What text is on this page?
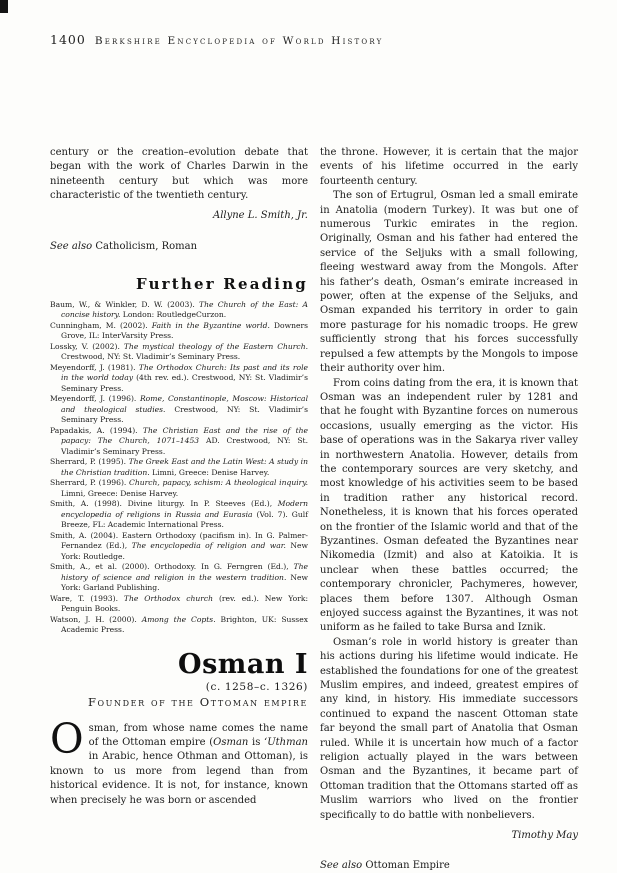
1400 Berkshire Encyclopedia of World History

century or the creation–evolution debate that began with the work of Charles Darwin in the nineteenth century but which was more characteristic of the twentieth century.

Allyne L. Smith, Jr.

See also Catholicism, Roman

Further Reading
Baum, W., & Winkler, D. W. (2003). The Church of the East: A concise history. London: RoutledgeCurzon.
Cunningham, M. (2002). Faith in the Byzantine world. Downers Grove, IL: InterVarsity Press.
Lossky, V. (2002). The mystical theology of the Eastern Church. Crestwood, NY: St. Vladimir’s Seminary Press.
Meyendorff, J. (1981). The Orthodox Church: Its past and its role in the world today (4th rev. ed.). Crestwood, NY: St. Vladimir’s Seminary Press.
Meyendorff, J. (1996). Rome, Constantinople, Moscow: Historical and theological studies. Crestwood, NY: St. Vladimir’s Seminary Press.
Papadakis, A. (1994). The Christian East and the rise of the papacy: The Church, 1071–1453 AD. Crestwood, NY: St. Vladimir’s Seminary Press.
Sherrard, P. (1995). The Greek East and the Latin West: A study in the Christian tradition. Limni, Greece: Denise Harvey.
Sherrard, P. (1996). Church, papacy, schism: A theological inquiry. Limni, Greece: Denise Harvey.
Smith, A. (1998). Divine liturgy. In P. Steeves (Ed.), Modern encyclopedia of religions in Russia and Eurasia (Vol. 7). Gulf Breeze, FL: Academic International Press.
Smith, A. (2004). Eastern Orthodoxy (pacifism in). In G. Palmer-Fernandez (Ed.), The encyclopedia of religion and war. New York: Routledge.
Smith, A., et al. (2000). Orthodoxy. In G. Ferngren (Ed.), The history of science and religion in the western tradition. New York: Garland Publishing.
Ware, T. (1993). The Orthodox church (rev. ed.). New York: Penguin Books.
Watson, J. H. (2000). Among the Copts. Brighton, UK: Sussex Academic Press.
Osman I
(c. 1258–c. 1326)
Founder of the Ottoman empire

Osman, from whose name comes the name of the Ottoman empire (Osman is ‘Uthman in Arabic, hence Othman and Ottoman), is known to us more from legend than from historical evidence. It is not, for instance, known when precisely he was born or ascended

the throne. However, it is certain that the major events of his lifetime occurred in the early fourteenth century.

The son of Ertugrul, Osman led a small emirate in Anatolia (modern Turkey). It was but one of numerous Turkic emirates in the region. Originally, Osman and his father had entered the service of the Seljuks with a small following, fleeing westward away from the Mongols. After his father’s death, Osman’s emirate increased in power, often at the expense of the Seljuks, and Osman expanded his territory in order to gain more pasturage for his nomadic troops. He grew sufficiently strong that his forces successfully repulsed a few attempts by the Mongols to impose their authority over him.

From coins dating from the era, it is known that Osman was an independent ruler by 1281 and that he fought with Byzantine forces on numerous occasions, usually emerging as the victor. His base of operations was in the Sakarya river valley in northwestern Anatolia. However, details from the contemporary sources are very sketchy, and most knowledge of his activities seem to be based in tradition rather any historical record. Nonetheless, it is known that his forces operated on the frontier of the Islamic world and that of the Byzantines. Osman defeated the Byzantines near Nikomedia (Izmit) and also at Katoikia. It is unclear when these battles occurred; the contemporary chronicler, Pachymeres, however, places them before 1307. Although Osman enjoyed success against the Byzantines, it was not uniform as he failed to take Bursa and Iznik.

Osman’s role in world history is greater than his actions during his lifetime would indicate. He established the foundations for one of the greatest Muslim empires, and indeed, greatest empires of any kind, in history. His immediate successors continued to expand the nascent Ottoman state far beyond the small part of Anatolia that Osman ruled. While it is uncertain how much of a factor religion actually played in the wars between Osman and the Byzantines, it became part of Ottoman tradition that the Ottomans started off as Muslim warriors who lived on the frontier specifically to do battle with nonbelievers.

Timothy May

See also Ottoman Empire
